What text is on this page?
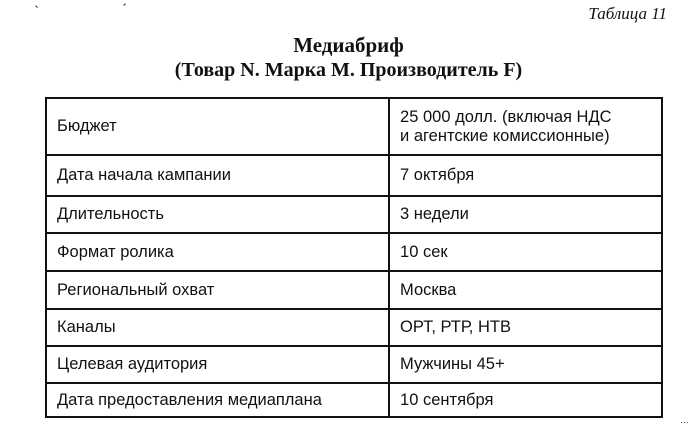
`	ˊ	Таблица 11
Медиабриф
(Товар N. Марка М. Производитель F)
Бюджет	25 000 долл. (включая НДС
и агентские комиссионные)

Дата начала кампании	7 октября
Длительность	3 недели
Формат ролика	10 сек
Региональный охват	Москва
Каналы	ОРТ, РТР, НТВ
Целевая аудитория	Мужчины 45+
Дата предоставления медиаплана	10 сентября
…
